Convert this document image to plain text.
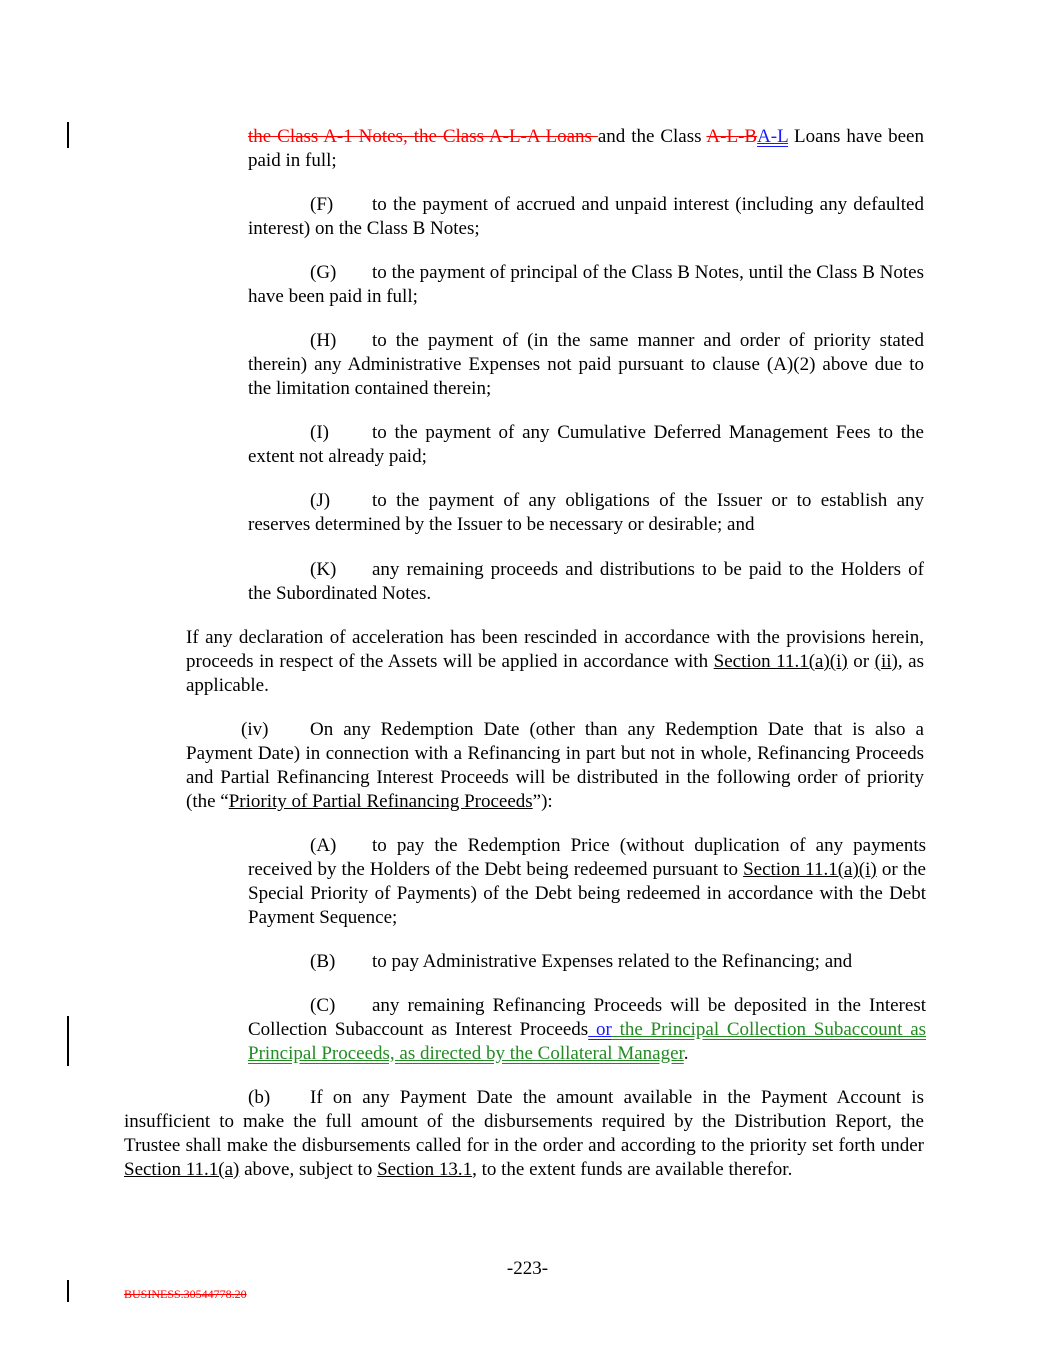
the Class A-1 Notes, the Class A-L-A Loans and the Class A-L-BA-L Loans have been paid in full;
(F) to the payment of accrued and unpaid interest (including any defaulted interest) on the Class B Notes;
(G) to the payment of principal of the Class B Notes, until the Class B Notes have been paid in full;
(H) to the payment of (in the same manner and order of priority stated therein) any Administrative Expenses not paid pursuant to clause (A)(2) above due to the limitation contained therein;
(I) to the payment of any Cumulative Deferred Management Fees to the extent not already paid;
(J) to the payment of any obligations of the Issuer or to establish any reserves determined by the Issuer to be necessary or desirable; and
(K) any remaining proceeds and distributions to be paid to the Holders of the Subordinated Notes.
If any declaration of acceleration has been rescinded in accordance with the provisions herein, proceeds in respect of the Assets will be applied in accordance with Section 11.1(a)(i) or (ii), as applicable.
(iv) On any Redemption Date (other than any Redemption Date that is also a Payment Date) in connection with a Refinancing in part but not in whole, Refinancing Proceeds and Partial Refinancing Interest Proceeds will be distributed in the following order of priority (the “Priority of Partial Refinancing Proceeds”):
(A) to pay the Redemption Price (without duplication of any payments received by the Holders of the Debt being redeemed pursuant to Section 11.1(a)(i) or the Special Priority of Payments) of the Debt being redeemed in accordance with the Debt Payment Sequence;
(B) to pay Administrative Expenses related to the Refinancing; and
(C) any remaining Refinancing Proceeds will be deposited in the Interest Collection Subaccount as Interest Proceeds or the Principal Collection Subaccount as Principal Proceeds, as directed by the Collateral Manager.
(b) If on any Payment Date the amount available in the Payment Account is insufficient to make the full amount of the disbursements required by the Distribution Report, the Trustee shall make the disbursements called for in the order and according to the priority set forth under Section 11.1(a) above, subject to Section 13.1, to the extent funds are available therefor.
-223-
BUSINESS.30544778.20
